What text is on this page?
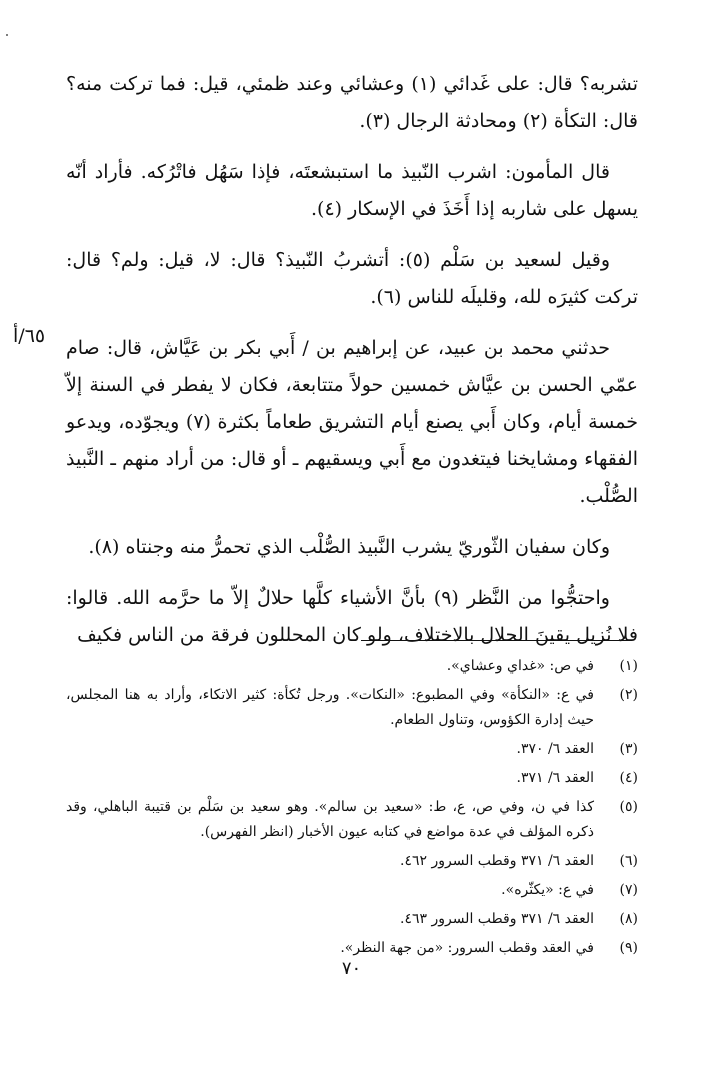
تشربه؟ قال: على غَدائي (١) وعشائي وعند ظمئي، قيل: فما تركت منه؟ قال: التكأة (٢) ومحادثة الرجال (٣).

قال المأمون: اشرب النّبيذ ما استبشعتَه، فإذا سَهُل فاتْرُكه. فأراد أنّه يسهل على شاربه إذا أَخَذَ في الإسكار (٤).

وقيل لسعيد بن سَلْم (٥): أتشربُ النّبيذ؟ قال: لا، قيل: ولم؟ قال: تركت كثيرَه لله، وقليلَه للناس (٦).

حدثني محمد بن عبيد، عن إبراهيم بن / أَبي بكر بن عَيَّاش، قال: صام عمّي الحسن بن عيَّاش خمسين حولاً متتابعة، فكان لا يفطر في السنة إلاّ خمسة أيام، وكان أَبي يصنع أيام التشريق طعاماً بكثرة (٧) ويجوّده، ويدعو الفقهاء ومشايخنا فيتغدون مع أَبي ويسقيهم ـ أو قال: من أراد منهم ـ النَّبيذ الصُّلْب.

وكان سفيان الثّوريّ يشرب النَّبيذ الصُّلْب الذي تحمرُّ منه وجنتاه (٨).

واحتجُّوا من النَّظر (٩) بأنَّ الأشياء كلَّها حلالٌ إلاّ ما حرَّمه الله. قالوا: فلا نُزيل يقينَ الحلال بالاختلاف، ولو كان المحللون فرقة من الناس فكيف

٦٥/أ
(١)
في ص: «غداي وعشاي».
(٢)
في ع: «النكأة» وفي المطبوع: «النكات». ورجل تُكأة: كثير الاتكاء، وأراد به هنا المجلس، حيث إدارة الكؤوس، وتناول الطعام.
(٣)
العقد ٦/ ٣٧٠.
(٤)
العقد ٦/ ٣٧١.
(٥)
كذا في ن، وفي ص، ع، ط: «سعيد بن سالم». وهو سعيد بن سَلْم بن قتيبة الباهلي، وقد ذكره المؤلف في عدة مواضع في كتابه عيون الأخبار (انظر الفهرس).
(٦)
العقد ٦/ ٣٧١ وقطب السرور ٤٦٢.
(٧)
في ع: «يكثّره».
(٨)
العقد ٦/ ٣٧١ وقطب السرور ٤٦٣.
(٩)
في العقد وقطب السرور: «من جهة النظر».
٧٠
